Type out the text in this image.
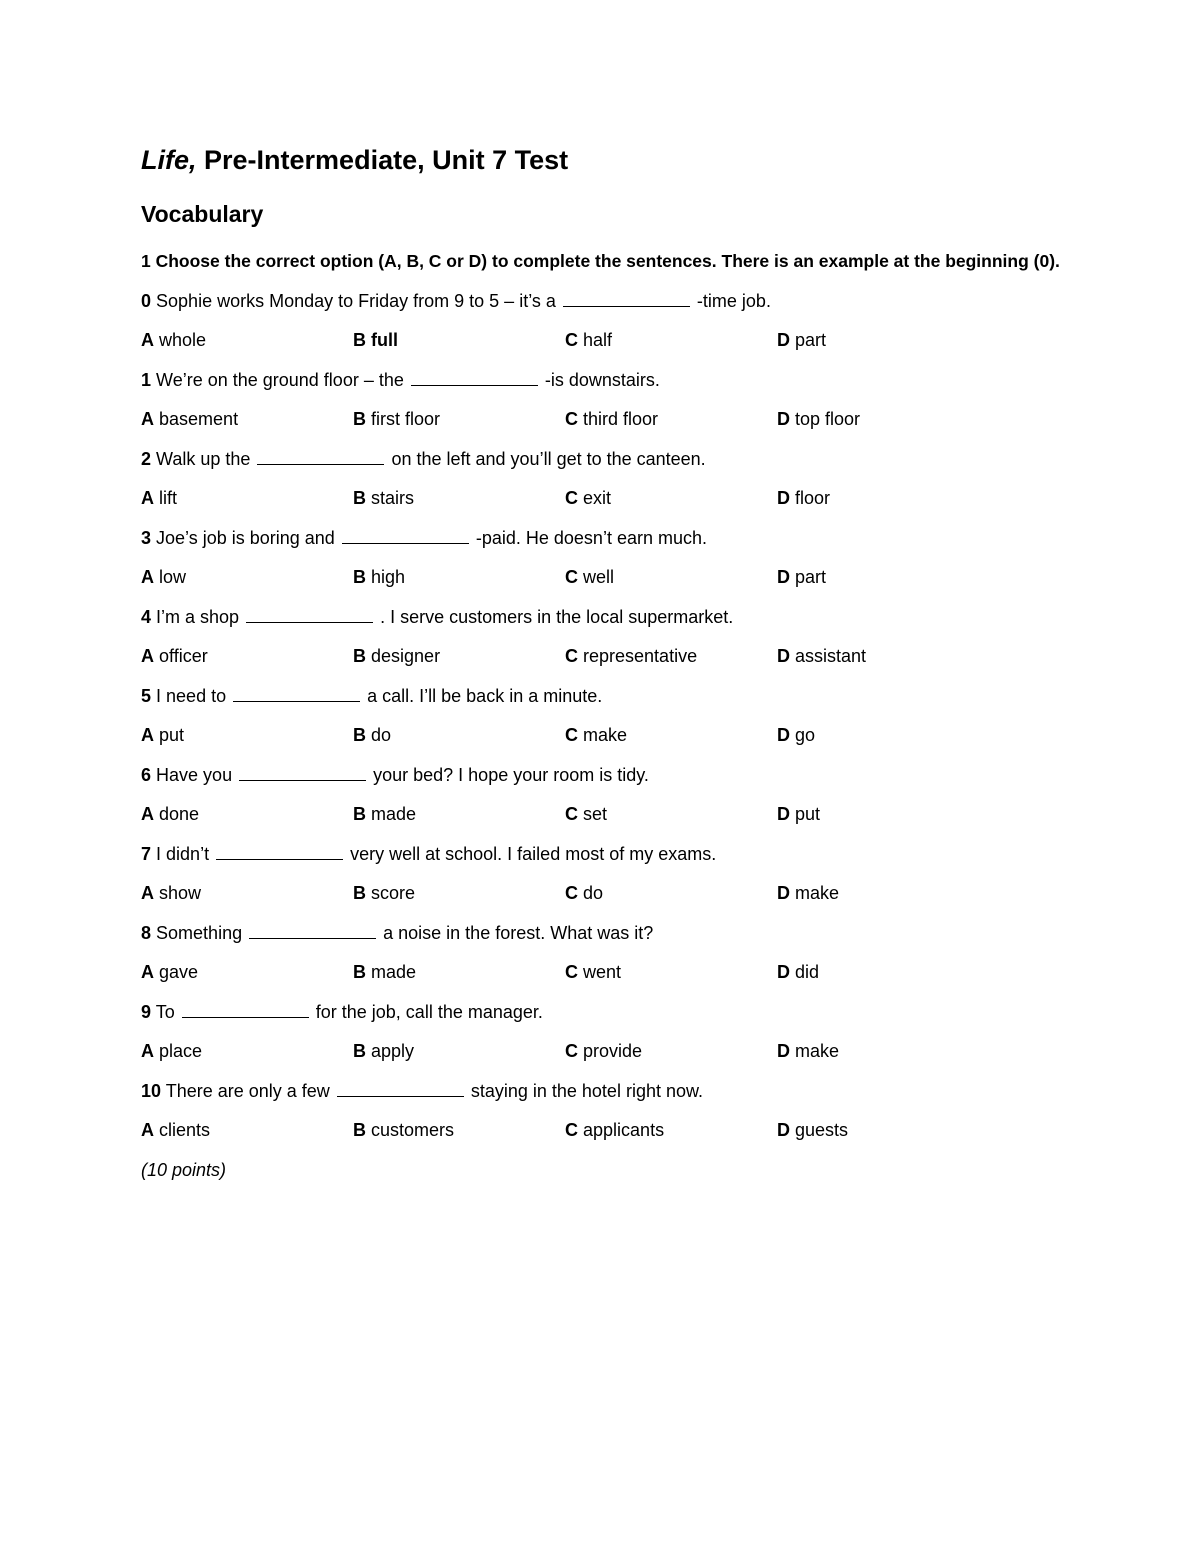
Life, Pre-Intermediate, Unit 7 Test
Vocabulary

1 Choose the correct option (A, B, C or D) to complete the sentences. There is an example at the beginning (0).

0 Sophie works Monday to Friday from 9 to 5 – it’s a	-time job.
A whole	B full	C half	D part
1 We’re on the ground floor – the	-is downstairs.
A basement	B first floor	C third floor	D top floor
2 Walk up the	on the left and you’ll get to the canteen.
A lift	B stairs	C exit	D floor
3 Joe’s job is boring and	-paid. He doesn’t earn much.
A low	B high	C well	D part
4 I’m a shop	. I serve customers in the local supermarket.
A officer	B designer	C representative	D assistant
5 I need to	a call. I’ll be back in a minute.
A put	B do	C make	D go
6 Have you	your bed? I hope your room is tidy.
A done	B made	C set	D put
7 I didn’t	very well at school. I failed most of my exams.
A show	B score	C do	D make
8 Something	a noise in the forest. What was it?
A gave	B made	C went	D did
9 To	for the job, call the manager.
A place	B apply	C provide	D make
10 There are only a few	staying in the hotel right now.
A clients	B customers	C applicants	D guests
(10 points)
